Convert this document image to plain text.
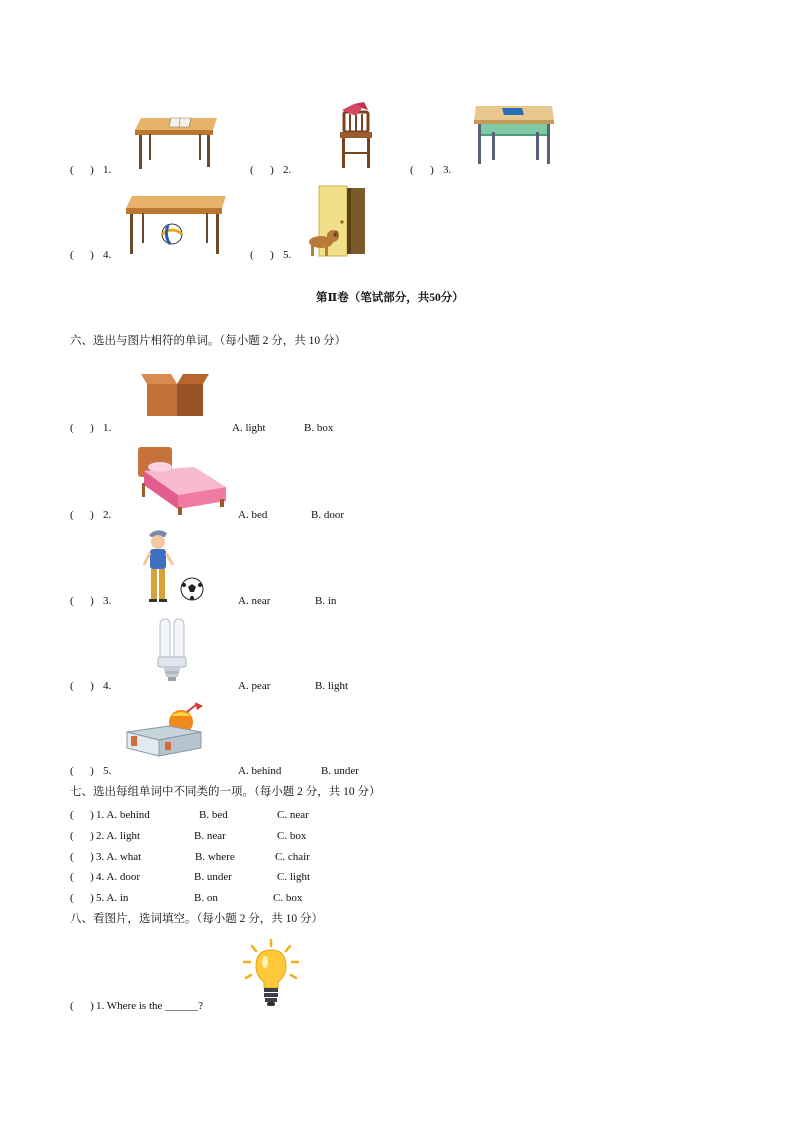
(      ) 1.	(      ) 2.	(      ) 3.
(      ) 4.	(      ) 5.
第Ⅱ卷（笔试部分，共50分）
六、选出与图片相符的单词。（每小题 2 分，共 10 分）
(      ) 1.	A. light	B. box
(      ) 2.	A. bed	B. door
(      ) 3.	A. near	B. in
(      ) 4.	A. pear	B. light
(      ) 5.	A. behind	B. under
七、选出每组单词中不同类的一项。（每小题 2 分，共 10 分）
(      ) 1. A. behind	B. bed	C. near
(      ) 2. A. light	B. near	C. box
(      ) 3. A. what	B. where	C. chair
(      ) 4. A. door	B. under	C. light
(      ) 5. A. in	B. on	C. box
八、看图片，选词填空。（每小题 2 分，共 10 分）
(      ) 1. Where is the ______?
